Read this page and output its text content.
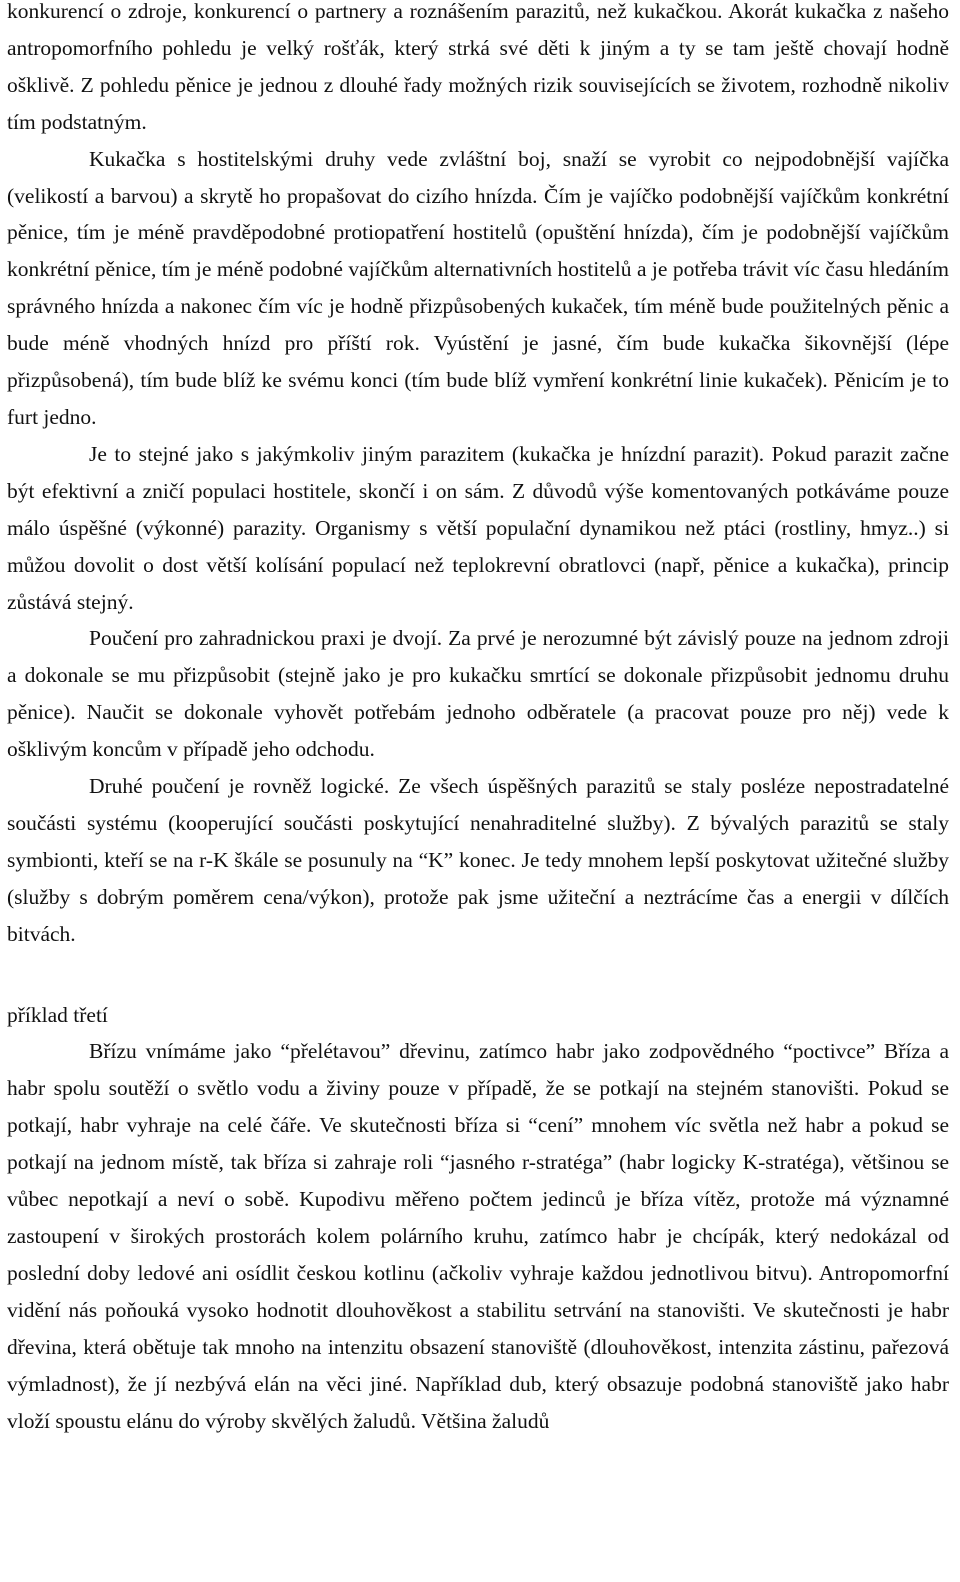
konkurencí o zdroje, konkurencí o partnery a roznášením parazitů, než kukačkou. Akorát kukačka z našeho antropomorfního pohledu je velký rošťák, který strká své děti k jiným a ty se tam ještě chovají hodně ošklivě. Z pohledu pěnice je jednou z dlouhé řady možných rizik souvisejících se životem, rozhodně nikoliv tím podstatným.

Kukačka s hostitelskými druhy vede zvláštní boj, snaží se vyrobit co nejpodobnější vajíčka (velikostí a barvou) a skrytě ho propašovat do cizího hnízda. Čím je vajíčko podobnější vajíčkům konkrétní pěnice, tím je méně pravděpodobné protiopatření hostitelů (opuštění hnízda), čím je podobnější vajíčkům konkrétní pěnice, tím je méně podobné vajíčkům alternativních hostitelů a je potřeba trávit víc času hledáním správného hnízda a nakonec čím víc je hodně přizpůsobených kukaček, tím méně bude použitelných pěnic a bude méně vhodných hnízd pro příští rok. Vyústění je jasné, čím bude kukačka šikovnější (lépe přizpůsobená), tím bude blíž ke svému konci (tím bude blíž vymření konkrétní linie kukaček). Pěnicím je to furt jedno.

Je to stejné jako s jakýmkoliv jiným parazitem (kukačka je hnízdní parazit). Pokud parazit začne být efektivní a zničí populaci hostitele, skončí i on sám. Z důvodů výše komentovaných potkáváme pouze málo úspěšné (výkonné) parazity. Organismy s větší populační dynamikou než ptáci (rostliny, hmyz..) si můžou dovolit o dost větší kolísání populací než teplokrevní obratlovci (např, pěnice a kukačka), princip zůstává stejný.

Poučení pro zahradnickou praxi je dvojí. Za prvé je nerozumné být závislý pouze na jednom zdroji a dokonale se mu přizpůsobit (stejně jako je pro kukačku smrtící se dokonale přizpůsobit jednomu druhu pěnice). Naučit se dokonale vyhovět potřebám jednoho odběratele (a pracovat pouze pro něj) vede k ošklivým koncům v případě jeho odchodu.

Druhé poučení je rovněž logické. Ze všech úspěšných parazitů se staly posléze nepostradatelné součásti systému (kooperující součásti poskytující nenahraditelné služby). Z bývalých parazitů se staly symbionti, kteří se na r-K škále se posunuly na “K” konec. Je tedy mnohem lepší poskytovat užitečné služby (služby s dobrým poměrem cena/výkon), protože pak jsme užiteční a neztrácíme čas a energii v dílčích bitvách.

příklad třetí

Břízu vnímáme jako “přelétavou” dřevinu, zatímco habr jako zodpovědného “poctivce” Bříza a habr spolu soutěží o světlo vodu a živiny pouze v případě, že se potkají na stejném stanovišti. Pokud se potkají, habr vyhraje na celé čáře. Ve skutečnosti bříza si “cení” mnohem víc světla než habr a pokud se potkají na jednom místě, tak bříza si zahraje roli “jasného r-stratéga” (habr logicky K-stratéga), většinou se vůbec nepotkají a neví o sobě. Kupodivu měřeno počtem jedinců je bříza vítěz, protože má významné zastoupení v širokých prostorách kolem polárního kruhu, zatímco habr je chcípák, který nedokázal od poslední doby ledové ani osídlit českou kotlinu (ačkoliv vyhraje každou jednotlivou bitvu). Antropomorfní vidění nás poňouká vysoko hodnotit dlouhověkost a stabilitu setrvání na stanovišti. Ve skutečnosti je habr dřevina, která obětuje tak mnoho na intenzitu obsazení stanoviště (dlouhověkost, intenzita zástinu, pařezová výmladnost), že jí nezbývá elán na věci jiné. Například dub, který obsazuje podobná stanoviště jako habr vloží spoustu elánu do výroby skvělých žaludů. Většina žaludů
